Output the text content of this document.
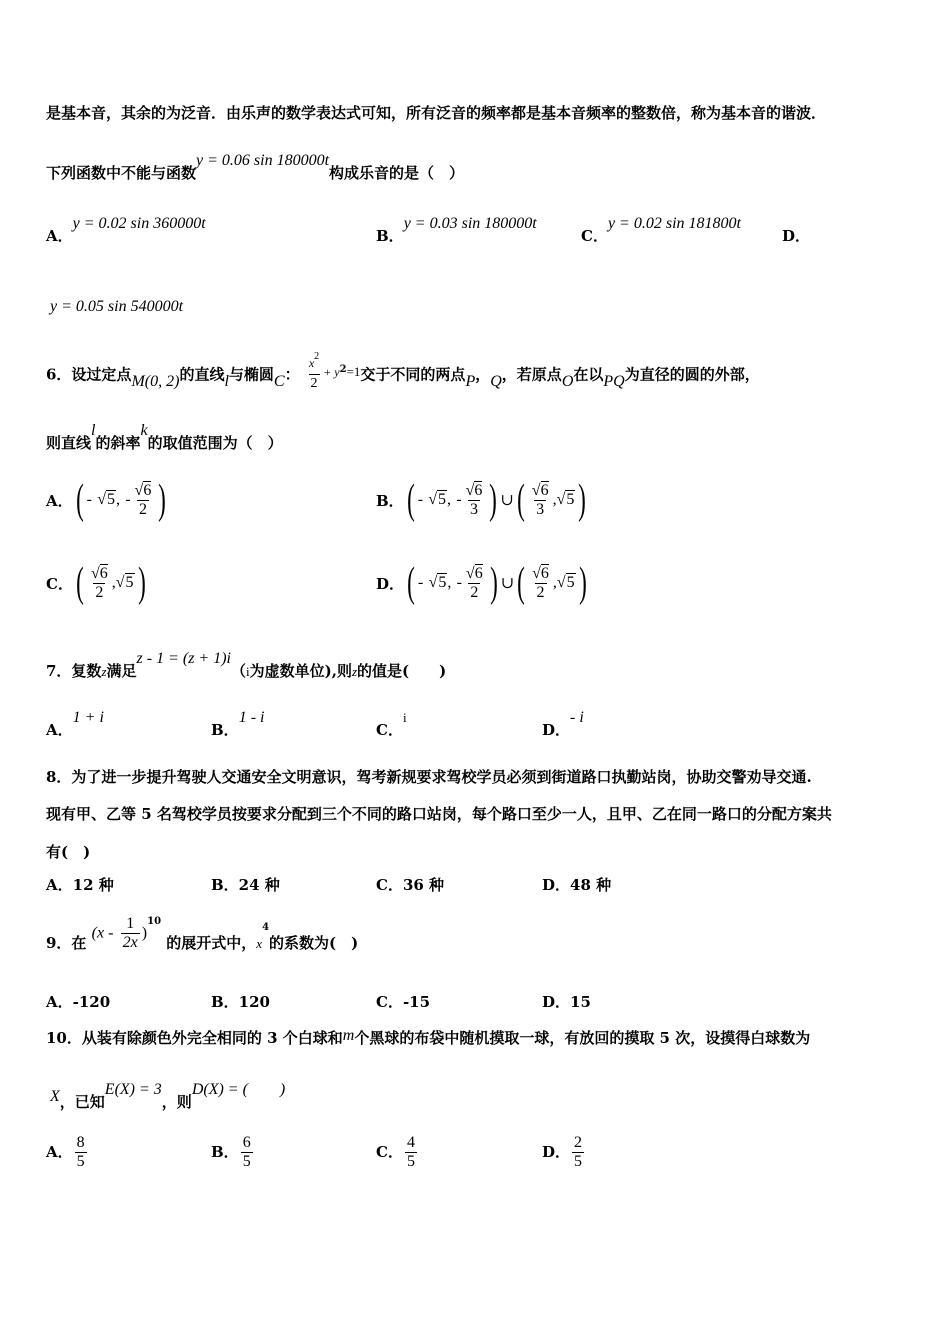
是基本音，其余的为泛音．由乐声的数学表达式可知，所有泛音的频率都是基本音频率的整数倍，称为基本音的谐波．
下列函数中不能与函数y = 0.06 sin 180000t构成乐音的是（　）
A．y = 0.02 sin 360000t
B．y = 0.03 sin 180000t
C．y = 0.02 sin 181800t
D．
y = 0.05 sin 540000t
6．设过定点M(0, 2)的直线l与椭圆C： $\frac{x^2}{2} ^{+ y2}=1$交于不同的两点P，Q，若原点O在以PQ为直径的圆的外部，
则直线l的斜率k的取值范围为（　）
A． ( -
√5 ,
- $\frac{√6}{2}$ )	B． ( -
√5 ,
- $\frac{√6}{3}$ ) ∪ ( $\frac{√6}{3}$ , √5 )
C． ( $\frac{√6}{2}$ , √5 )	D． ( -
√5 ,
- $\frac{√6}{2}$ ) ∪ ( $\frac{√6}{2}$ , √5 )
7．复数z满足z - 1 = (z + 1)i（i为虚数单位),则z的值是(　　)
A．1 + i
B．1 - i
C．i
D．- i
8．为了进一步提升驾驶人交通安全文明意识，驾考新规要求驾校学员必须到街道路口执勤站岗，协助交警劝导交通.
现有甲、乙等 5 名驾校学员按要求分配到三个不同的路口站岗，每个路口至少一人，且甲、乙在同一路口的分配方案共
有(　)
A．12 种	B．24 种	C．36 种	D．48 种
9．在 $(x - \frac{1}{2x} )^{10}$ 的展开式中，$x^4$的系数为(　)
A．-120	B．120	C．-15	D．15
10．从装有除颜色外完全相同的 3 个白球和m个黑球的布袋中随机摸取一球，有放回的摸取 5 次，设摸得白球数为
X，已知E(X) = 3，则D(X) = (　　)
A． $\frac{8}{5}$	B． $\frac{6}{5}$	C． $\frac{4}{5}$	D． $\frac{2}{5}$
